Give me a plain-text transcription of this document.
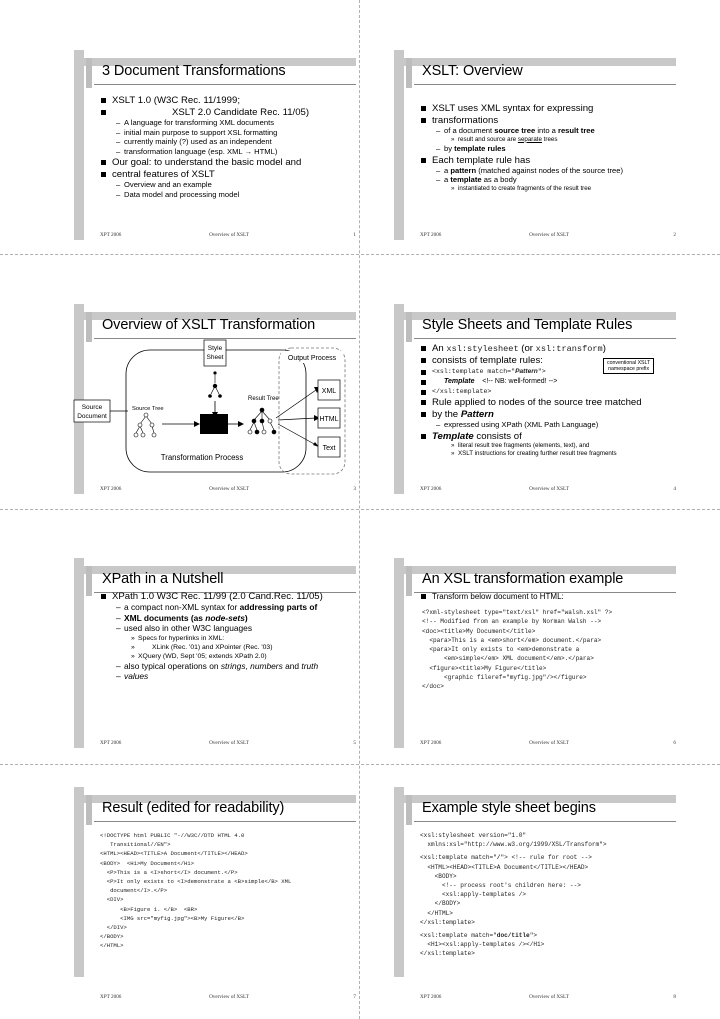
3 Document Transformations
XSLT 1.0 (W3C Rec. 11/1999;
XSLT 2.0 Candidate Rec. 11/05)
– A language for transforming XML documents
– initial main purpose to support XSL formatting
– currently mainly (?) used as an independent
– transformation language (esp. XML → HTML)
Our goal: to understand the basic model and
central features of XSLT
– Overview and an example
– Data model and processing model
XPT 2006	Overview of XSLT	1
XSLT: Overview
XSLT uses XML syntax for expressing
transformations
– of a document source tree into a result tree
» result and source are separate trees
– by template rules
Each template rule has
– a pattern (matched against nodes of the source tree)
– a template as a body
» instantiated to create fragments of the result tree
XPT 2006	Overview of XSLT	2
Overview of XSLT Transformation
Style
Sheet	Output Process
Source
Document
Source Tree
Result Tree
XML
HTML
Text
Transformation Process
XPT 2006	Overview of XSLT	3
Style Sheets and Template Rules
An xsl:stylesheet (or xsl:transform)
consists of template rules:
<xsl:template match="Pattern">
Template    <!-- NB: well-formed! -->
</xsl:template>
Rule applied to nodes of the source tree matched
by the Pattern
– expressed using XPath (XML Path Language)
Template consists of
» literal result tree fragments (elements, text), and
» XSLT instructions for creating further result tree fragments
conventional XSLT
namespace prefix
XPT 2006	Overview of XSLT	4
XPath in a Nutshell
XPath 1.0 W3C Rec. 11/99 (2.0 Cand.Rec. 11/05)
– a compact non-XML syntax for addressing parts of
– XML documents (as node-sets)
– used also in other W3C languages
» Specs for hyperlinks in XML:
» XLink (Rec. '01) and XPointer (Rec. '03)
» XQuery (WD, Sept '05; extends XPath 2.0)
– also typical operations on strings, numbers and truth
– values
XPT 2006	Overview of XSLT	5
An XSL transformation example
Transform below document to HTML:
<?xml-stylesheet type="text/xsl" href="walsh.xsl" ?>
<!-- Modified from an example by Norman Walsh -->
<doc><title>My Document</title>
<para>This is a <em>short</em> document.</para>
<para>It only exists to <em>demonstrate a
<em>simple</em> XML document</em>.</para>
<figure><title>My Figure</title>
<graphic fileref="myfig.jpg"/></figure>
</doc>
XPT 2006	Overview of XSLT	6
Result (edited for readability)
<!DOCTYPE html PUBLIC "-//W3C//DTD HTML 4.0
Transitional//EN">
<HTML><HEAD><TITLE>A Document</TITLE></HEAD>
<BODY>  <H1>My Document</H1>
<P>This is a <I>short</I> document.</P>
<P>It only exists to <I>demonstrate a <B>simple</B> XML
document</I>.</P>
<DIV>
<B>Figure 1. </B>  <BR>
<IMG src="myfig.jpg"><B>My Figure</B>
</DIV>
</BODY>
</HTML>
XPT 2006	Overview of XSLT	7
Example style sheet begins
<xsl:stylesheet version="1.0"
xmlns:xsl="http://www.w3.org/1999/XSL/Transform">
<xsl:template match="/"> <!-- rule for root -->
<HTML><HEAD><TITLE>A Document</TITLE></HEAD>
<BODY>
<!-- process root's children here: -->
<xsl:apply-templates />
</BODY>
</HTML>
</xsl:template>
<xsl:template match="doc/title">
<H1><xsl:apply-templates /></H1>
</xsl:template>
XPT 2006	Overview of XSLT	8
